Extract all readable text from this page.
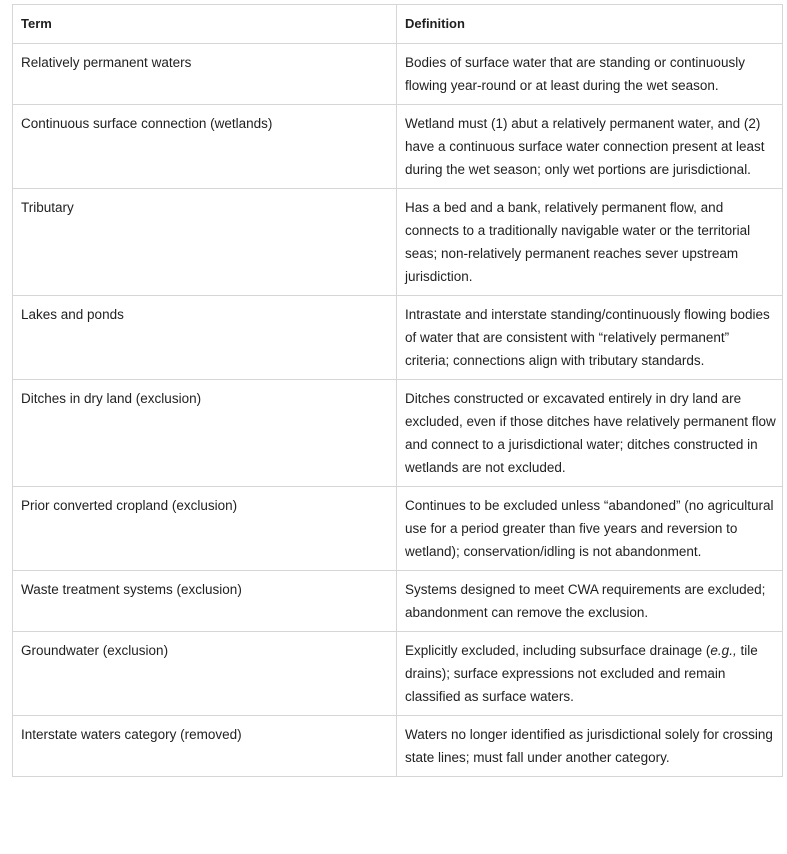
Term	Definition
Relatively permanent waters	Bodies of surface water that are standing or continuously flowing year-round or at least during the wet season.
Continuous surface connection (wetlands)	Wetland must (1) abut a relatively permanent water, and (2) have a continuous surface water connection present at least during the wet season; only wet portions are jurisdictional.
Tributary	Has a bed and a bank, relatively permanent flow, and connects to a traditionally navigable water or the territorial seas; non-relatively permanent reaches sever upstream jurisdiction.
Lakes and ponds	Intrastate and interstate standing/continuously flowing bodies of water that are consistent with “relatively permanent” criteria; connections align with tributary standards.
Ditches in dry land (exclusion)	Ditches constructed or excavated entirely in dry land are excluded, even if those ditches have relatively permanent flow and connect to a jurisdictional water; ditches constructed in wetlands are not excluded.
Prior converted cropland (exclusion)	Continues to be excluded unless “abandoned” (no agricultural use for a period greater than five years and reversion to wetland); conservation/idling is not abandonment.
Waste treatment systems (exclusion)	Systems designed to meet CWA requirements are excluded; abandonment can remove the exclusion.
Groundwater (exclusion)	Explicitly excluded, including subsurface drainage (e.g., tile drains); surface expressions not excluded and remain classified as surface waters.
Interstate waters category (removed)	Waters no longer identified as jurisdictional solely for crossing state lines; must fall under another category.
